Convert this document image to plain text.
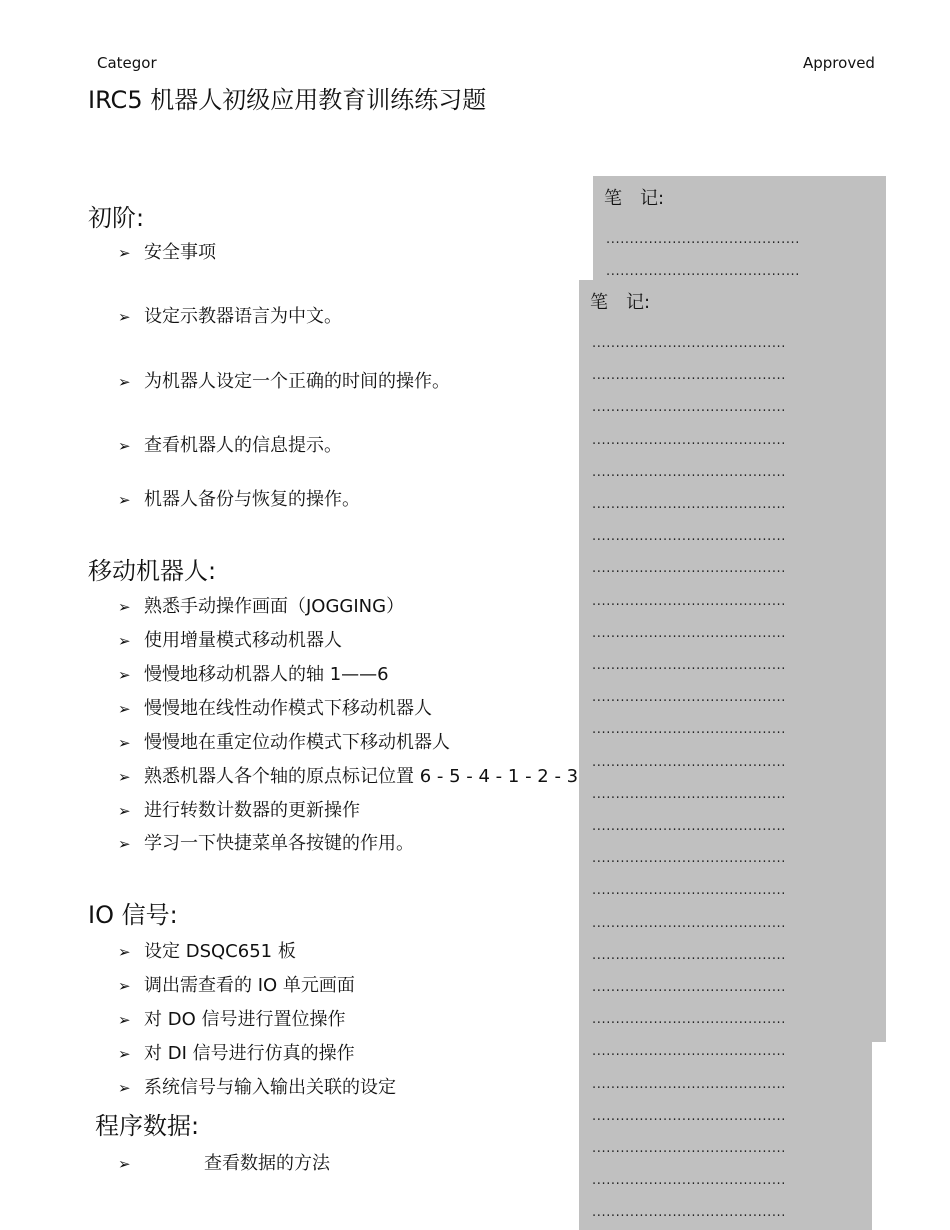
Categor	Approved
IRC5 机器人初级应用教育训练练习题
笔　记:
.........................................
.........................................
笔　记:
.........................................
.........................................
.........................................
.........................................
.........................................
.........................................
.........................................
.........................................
.........................................
.........................................
.........................................
.........................................
.........................................
.........................................
.........................................
.........................................
.........................................
.........................................
.........................................
.........................................
.........................................
.........................................
.........................................
.........................................
.........................................
.........................................
.........................................
.........................................
初阶:
➢ 安全事项
➢ 设定示教器语言为中文。
➢ 为机器人设定一个正确的时间的操作。
➢ 查看机器人的信息提示。
➢ 机器人备份与恢复的操作。
移动机器人:
➢ 熟悉手动操作画面（JOGGING）
➢ 使用增量模式移动机器人
➢ 慢慢地移动机器人的轴 1——6
➢ 慢慢地在线性动作模式下移动机器人
➢ 慢慢地在重定位动作模式下移动机器人
➢ 熟悉机器人各个轴的原点标记位置 6 - 5 - 4 - 1 - 2 - 3
➢ 进行转数计数器的更新操作
➢ 学习一下快捷菜单各按键的作用。
IO 信号:
➢ 设定 DSQC651 板
➢ 调出需查看的 IO 单元画面
➢ 对 DO 信号进行置位操作
➢ 对 DI 信号进行仿真的操作
➢ 系统信号与输入输出关联的设定
程序数据:
➢	查看数据的方法
